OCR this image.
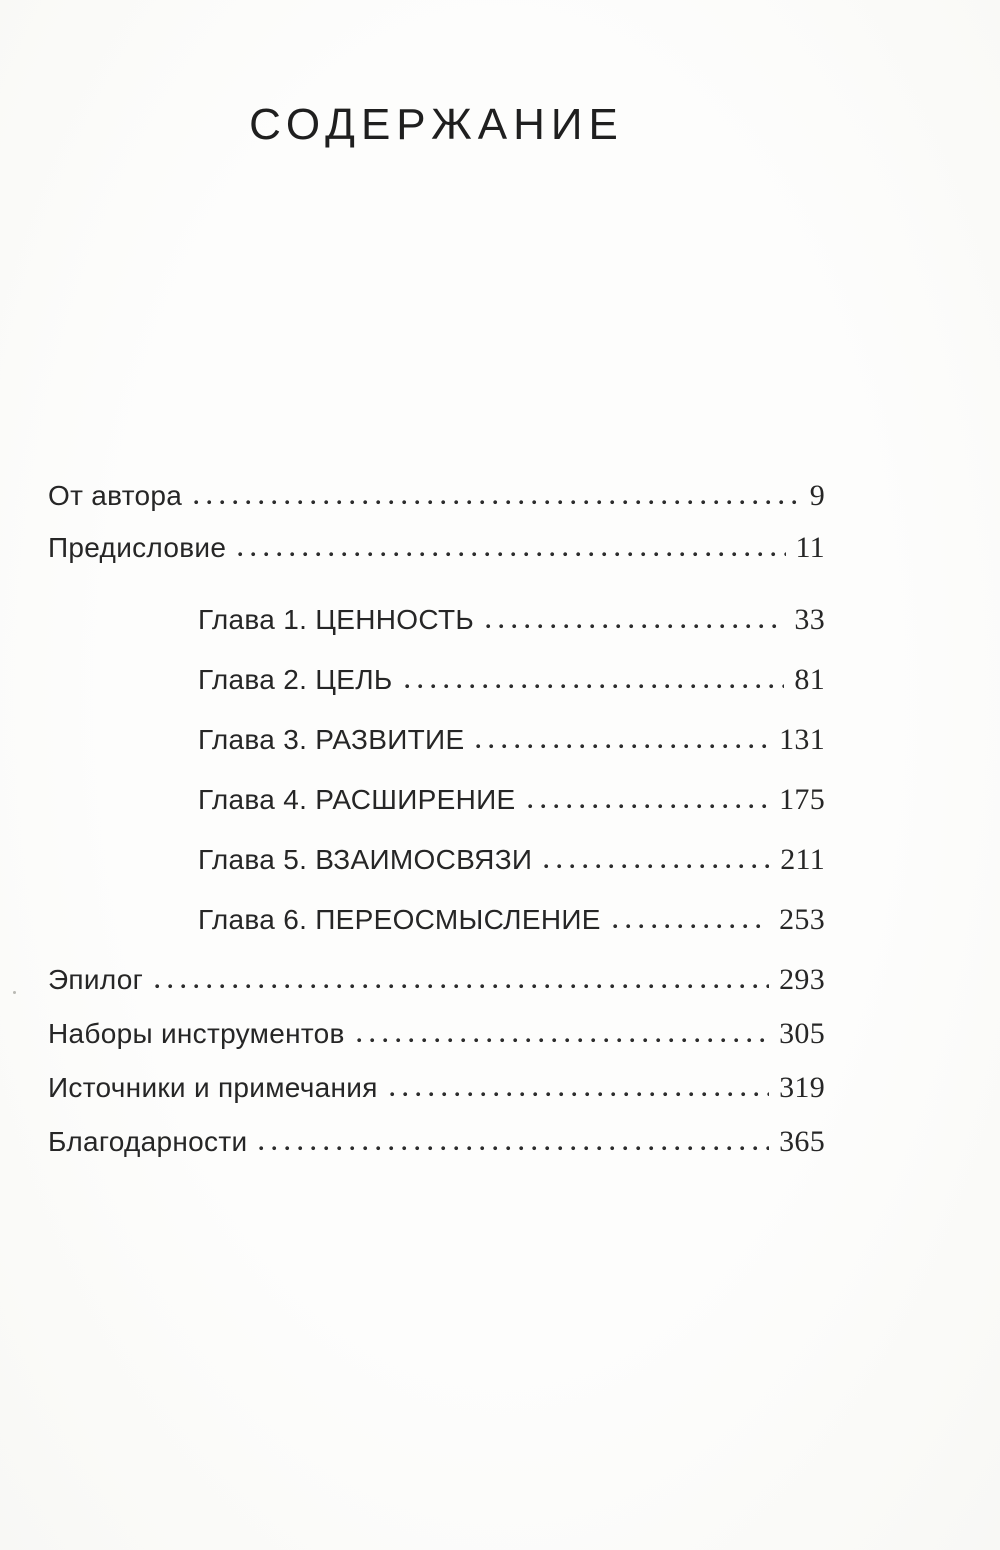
СОДЕРЖАНИЕ
От автора	9
Предисловие	11
Глава 1. ЦЕННОСТЬ	33
Глава 2. ЦЕЛЬ	81
Глава 3. РАЗВИТИЕ	131
Глава 4. РАСШИРЕНИЕ	175
Глава 5. ВЗАИМОСВЯЗИ	211
Глава 6. ПЕРЕОСМЫСЛЕНИЕ	253
Эпилог	293
Наборы инструментов	305
Источники и примечания	319
Благодарности	365
